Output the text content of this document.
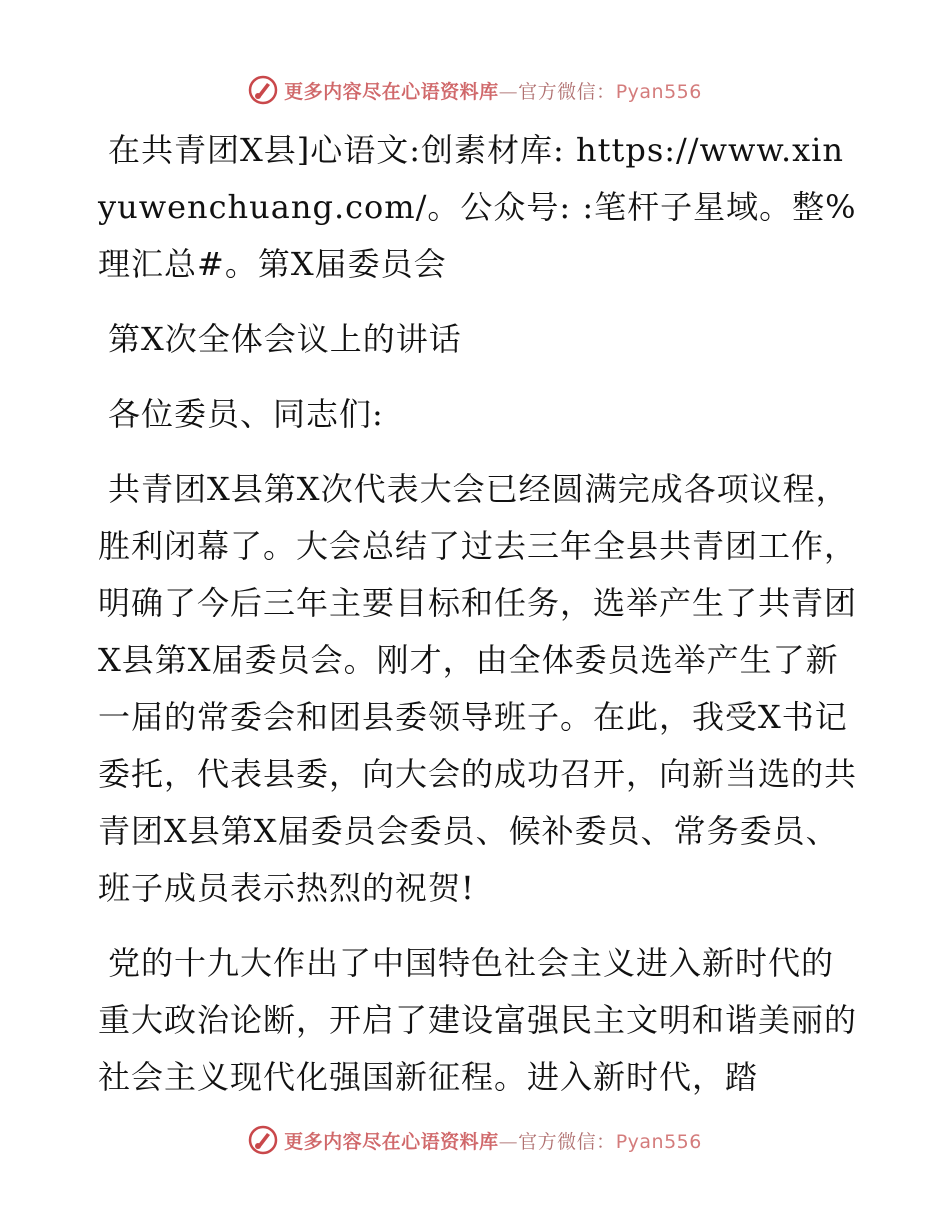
更多内容尽在心语资料库—官方微信：Pyan556

在共青团X县]心语文:创素材库: https://www.xinyuwenchuang.com/。公众号: :笔杆子星域。整%理汇总#。第X届委员会

第X次全体会议上的讲话

各位委员、同志们:

共青团X县第X次代表大会已经圆满完成各项议程，胜利闭幕了。大会总结了过去三年全县共青团工作，明确了今后三年主要目标和任务，选举产生了共青团X县第X届委员会。刚才，由全体委员选举产生了新一届的常委会和团县委领导班子。在此，我受X书记委托，代表县委，向大会的成功召开，向新当选的共青团X县第X届委员会委员、候补委员、常务委员、班子成员表示热烈的祝贺!

党的十九大作出了中国特色社会主义进入新时代的重大政治论断，开启了建设富强民主文明和谐美丽的社会主义现代化强国新征程。进入新时代，踏

更多内容尽在心语资料库—官方微信：Pyan556
